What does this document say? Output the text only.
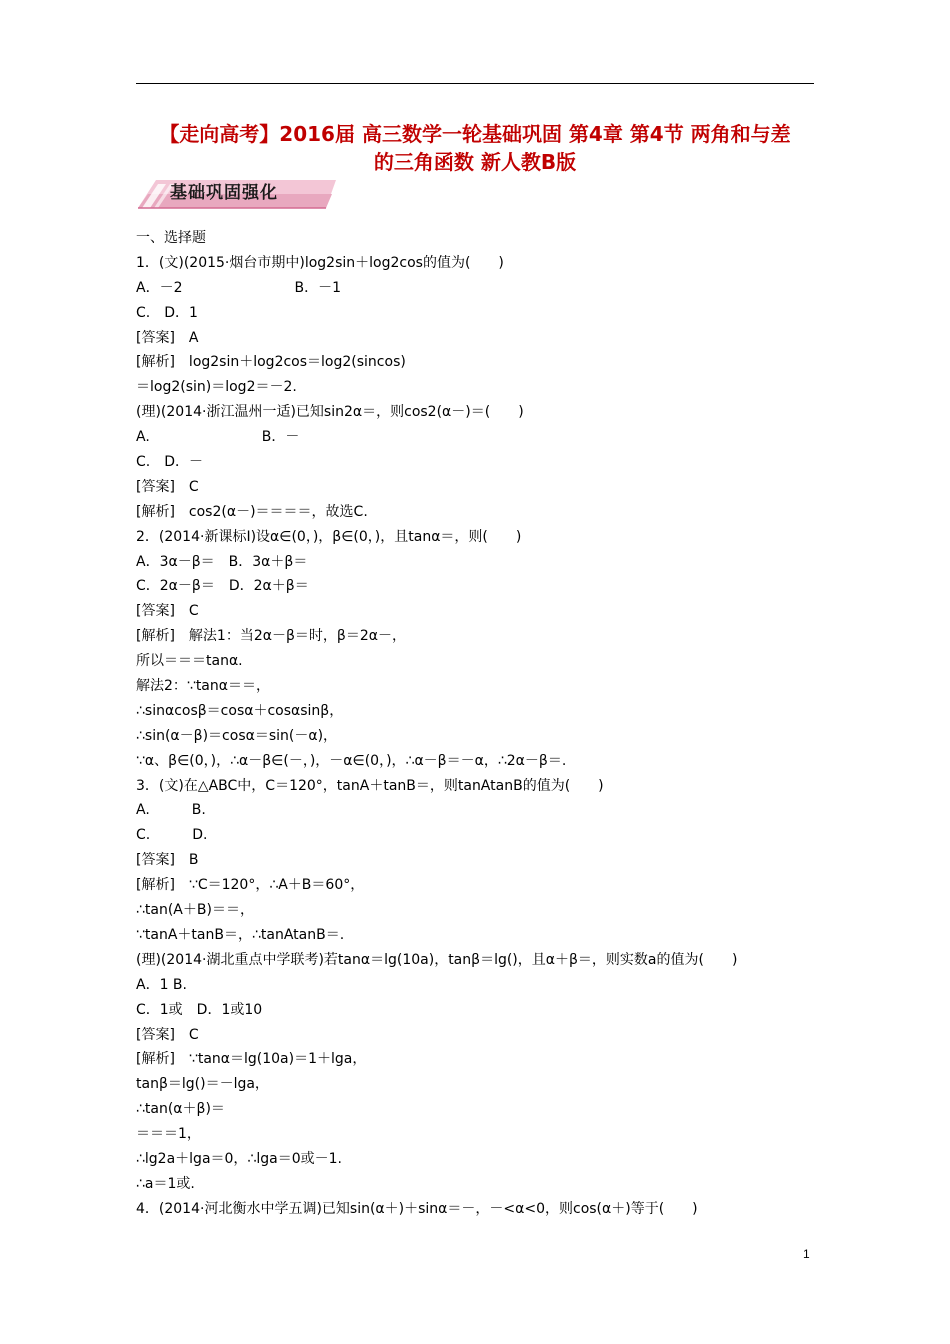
【走向高考】2016届 高三数学一轮基础巩固 第4章 第4节 两角和与差
的三角函数 新人教B版
基础巩固强化
一、选择题
1．(文)(2015·烟台市期中)log2sin＋log2cos的值为(　　)
A．－2　　　　　　　　B．－1
C.　D．1
[答案]　A
[解析]　log2sin＋log2cos＝log2(sincos)
＝log2(sin)＝log2＝－2.
(理)(2014·浙江温州一适)已知sin2α＝，则cos2(α－)＝(　　)
A.　　　　　　　　B．－
C.　D．－
[答案]　C
[解析]　cos2(α－)＝＝＝＝，故选C.
2．(2014·新课标Ⅰ)设α∈(0，)，β∈(0，)，且tanα＝，则(　　)
A．3α－β＝　B．3α＋β＝
C．2α－β＝　D．2α＋β＝
[答案]　C
[解析]　解法1：当2α－β＝时，β＝2α－，
所以＝＝＝tanα.
解法2：∵tanα＝＝，
∴sinαcosβ＝cosα＋cosαsinβ，
∴sin(α－β)＝cosα＝sin(－α)，
∵α、β∈(0，)，∴α－β∈(－，)，－α∈(0，)，∴α－β＝－α，∴2α－β＝.
3．(文)在△ABC中，C＝120°，tanA＋tanB＝，则tanAtanB的值为(　　)
A.　　　B.
C.　　　D.
[答案]　B
[解析]　∵C＝120°，∴A＋B＝60°，
∴tan(A＋B)＝＝，
∵tanA＋tanB＝，∴tanAtanB＝.
(理)(2014·湖北重点中学联考)若tanα＝lg(10a)，tanβ＝lg()，且α＋β＝，则实数a的值为(　　)
A．1 B.
C．1或　D．1或10
[答案]　C
[解析]　∵tanα＝lg(10a)＝1＋lga，
tanβ＝lg()＝－lga，
∴tan(α＋β)＝
＝＝＝1，
∴lg2a＋lga＝0，∴lga＝0或－1.
∴a＝1或.
4．(2014·河北衡水中学五调)已知sin(α＋)＋sinα＝－，－<α<0，则cos(α＋)等于(　　)
1
